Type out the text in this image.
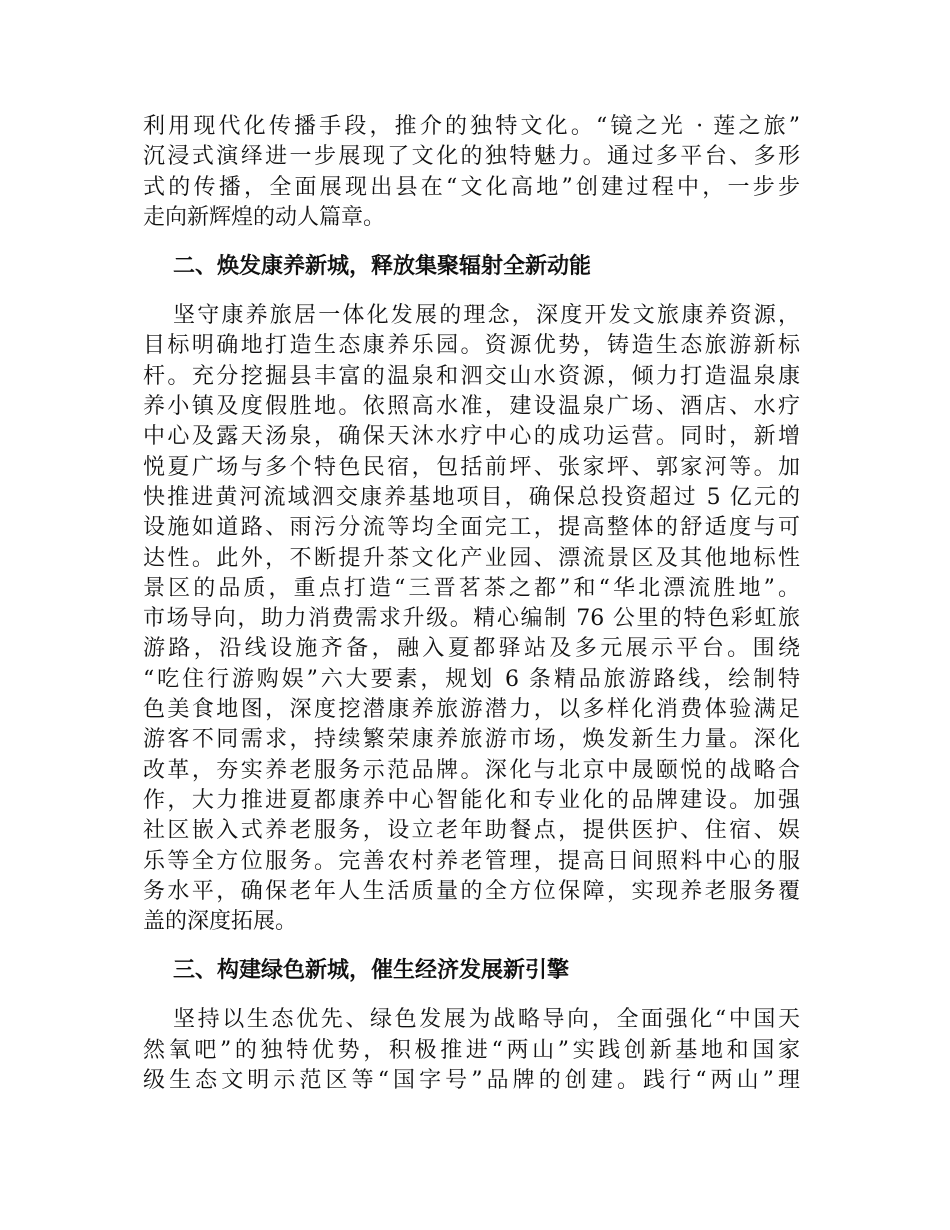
利用现代化传播手段，推介的独特文化。“镜之光 · 莲之旅”
沉浸式演绎进一步展现了文化的独特魅力。通过多平台、多形
式的传播，全面展现出县在“文化高地”创建过程中，一步步
走向新辉煌的动人篇章。
二、焕发康养新城，释放集聚辐射全新动能
坚守康养旅居一体化发展的理念，深度开发文旅康养资源，
目标明确地打造生态康养乐园。资源优势，铸造生态旅游新标
杆。充分挖掘县丰富的温泉和泗交山水资源，倾力打造温泉康
养小镇及度假胜地。依照高水准，建设温泉广场、酒店、水疗
中心及露天汤泉，确保天沐水疗中心的成功运营。同时，新增
悦夏广场与多个特色民宿，包括前坪、张家坪、郭家河等。加
快推进黄河流域泗交康养基地项目，确保总投资超过 5 亿元的
设施如道路、雨污分流等均全面完工，提高整体的舒适度与可
达性。此外，不断提升茶文化产业园、漂流景区及其他地标性
景区的品质，重点打造“三晋茗茶之都”和“华北漂流胜地”。
市场导向，助力消费需求升级。精心编制 76 公里的特色彩虹旅
游路，沿线设施齐备，融入夏都驿站及多元展示平台。围绕
“吃住行游购娱”六大要素，规划 6 条精品旅游路线，绘制特
色美食地图，深度挖潜康养旅游潜力，以多样化消费体验满足
游客不同需求，持续繁荣康养旅游市场，焕发新生力量。深化
改革，夯实养老服务示范品牌。深化与北京中晟颐悦的战略合
作，大力推进夏都康养中心智能化和专业化的品牌建设。加强
社区嵌入式养老服务，设立老年助餐点，提供医护、住宿、娱
乐等全方位服务。完善农村养老管理，提高日间照料中心的服
务水平，确保老年人生活质量的全方位保障，实现养老服务覆
盖的深度拓展。
三、构建绿色新城，催生经济发展新引擎
坚持以生态优先、绿色发展为战略导向，全面强化“中国天
然氧吧”的独特优势，积极推进“两山”实践创新基地和国家
级生态文明示范区等“国字号”品牌的创建。践行“两山”理
